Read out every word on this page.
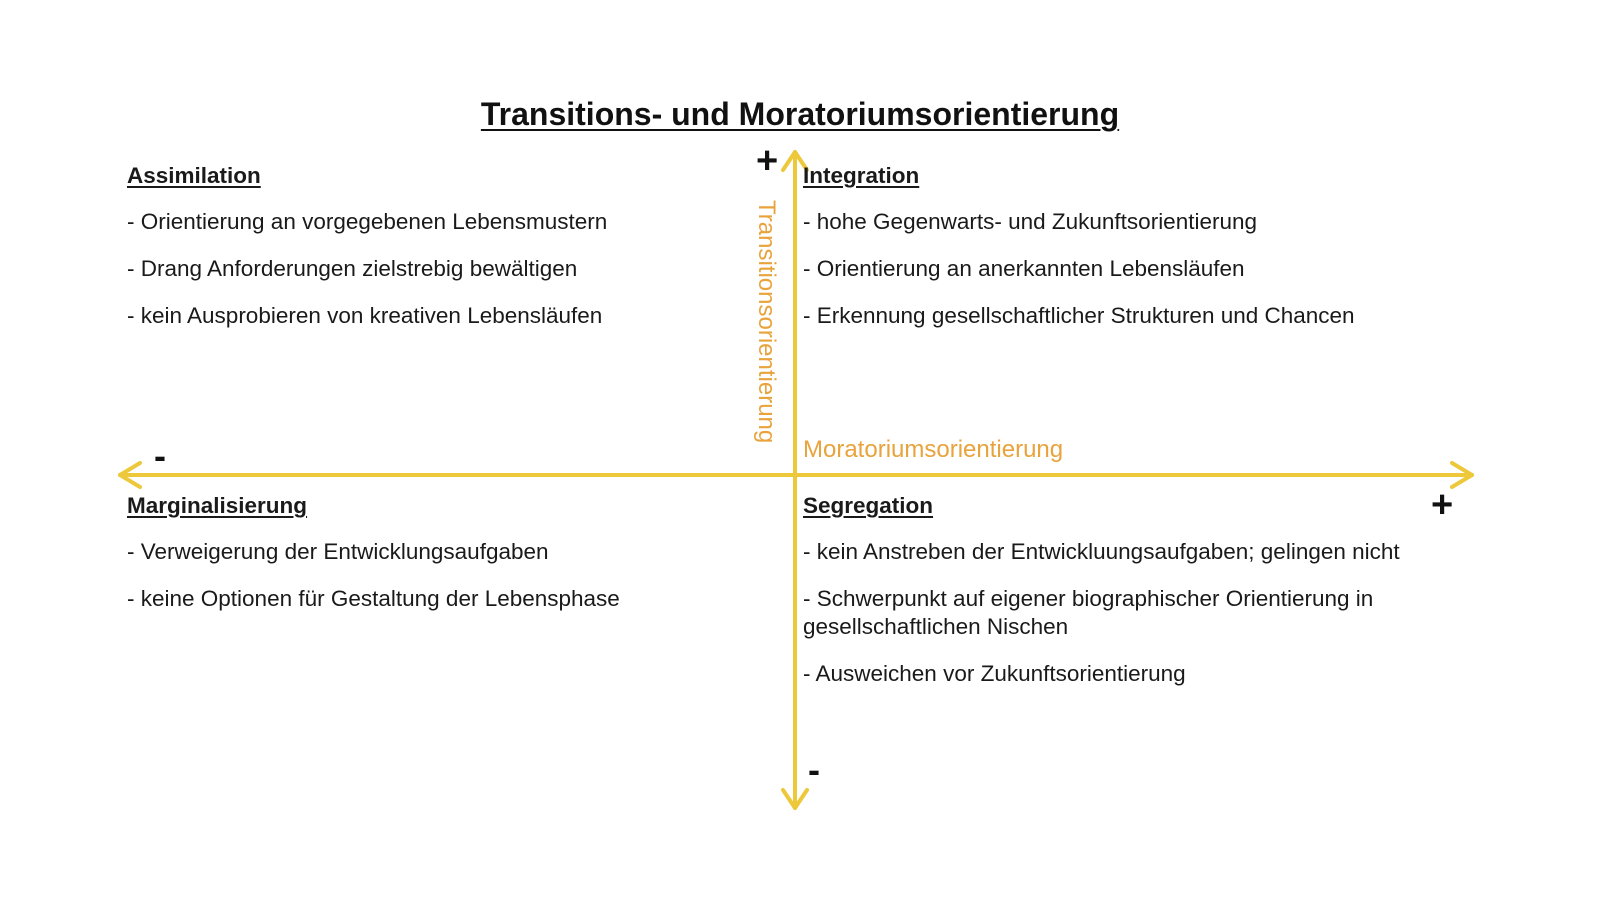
Transitions- und Moratoriumsorientierung
Transitionsorientierung
Moratoriumsorientierung
+
-
+
-
Assimilation
- Orientierung an vorgegebenen Lebensmustern
- Drang Anforderungen zielstrebig bewältigen
- kein Ausprobieren von kreativen Lebensläufen
Integration
- hohe Gegenwarts- und Zukunftsorientierung
- Orientierung an anerkannten Lebensläufen
- Erkennung gesellschaftlicher Strukturen und Chancen
Marginalisierung
- Verweigerung der Entwicklungsaufgaben
- keine Optionen für Gestaltung der Lebensphase
Segregation
- kein Anstreben der Entwickluungsaufgaben; gelingen nicht
- Schwerpunkt auf eigener biographischer Orientierung in gesellschaftlichen Nischen
- Ausweichen vor Zukunftsorientierung
